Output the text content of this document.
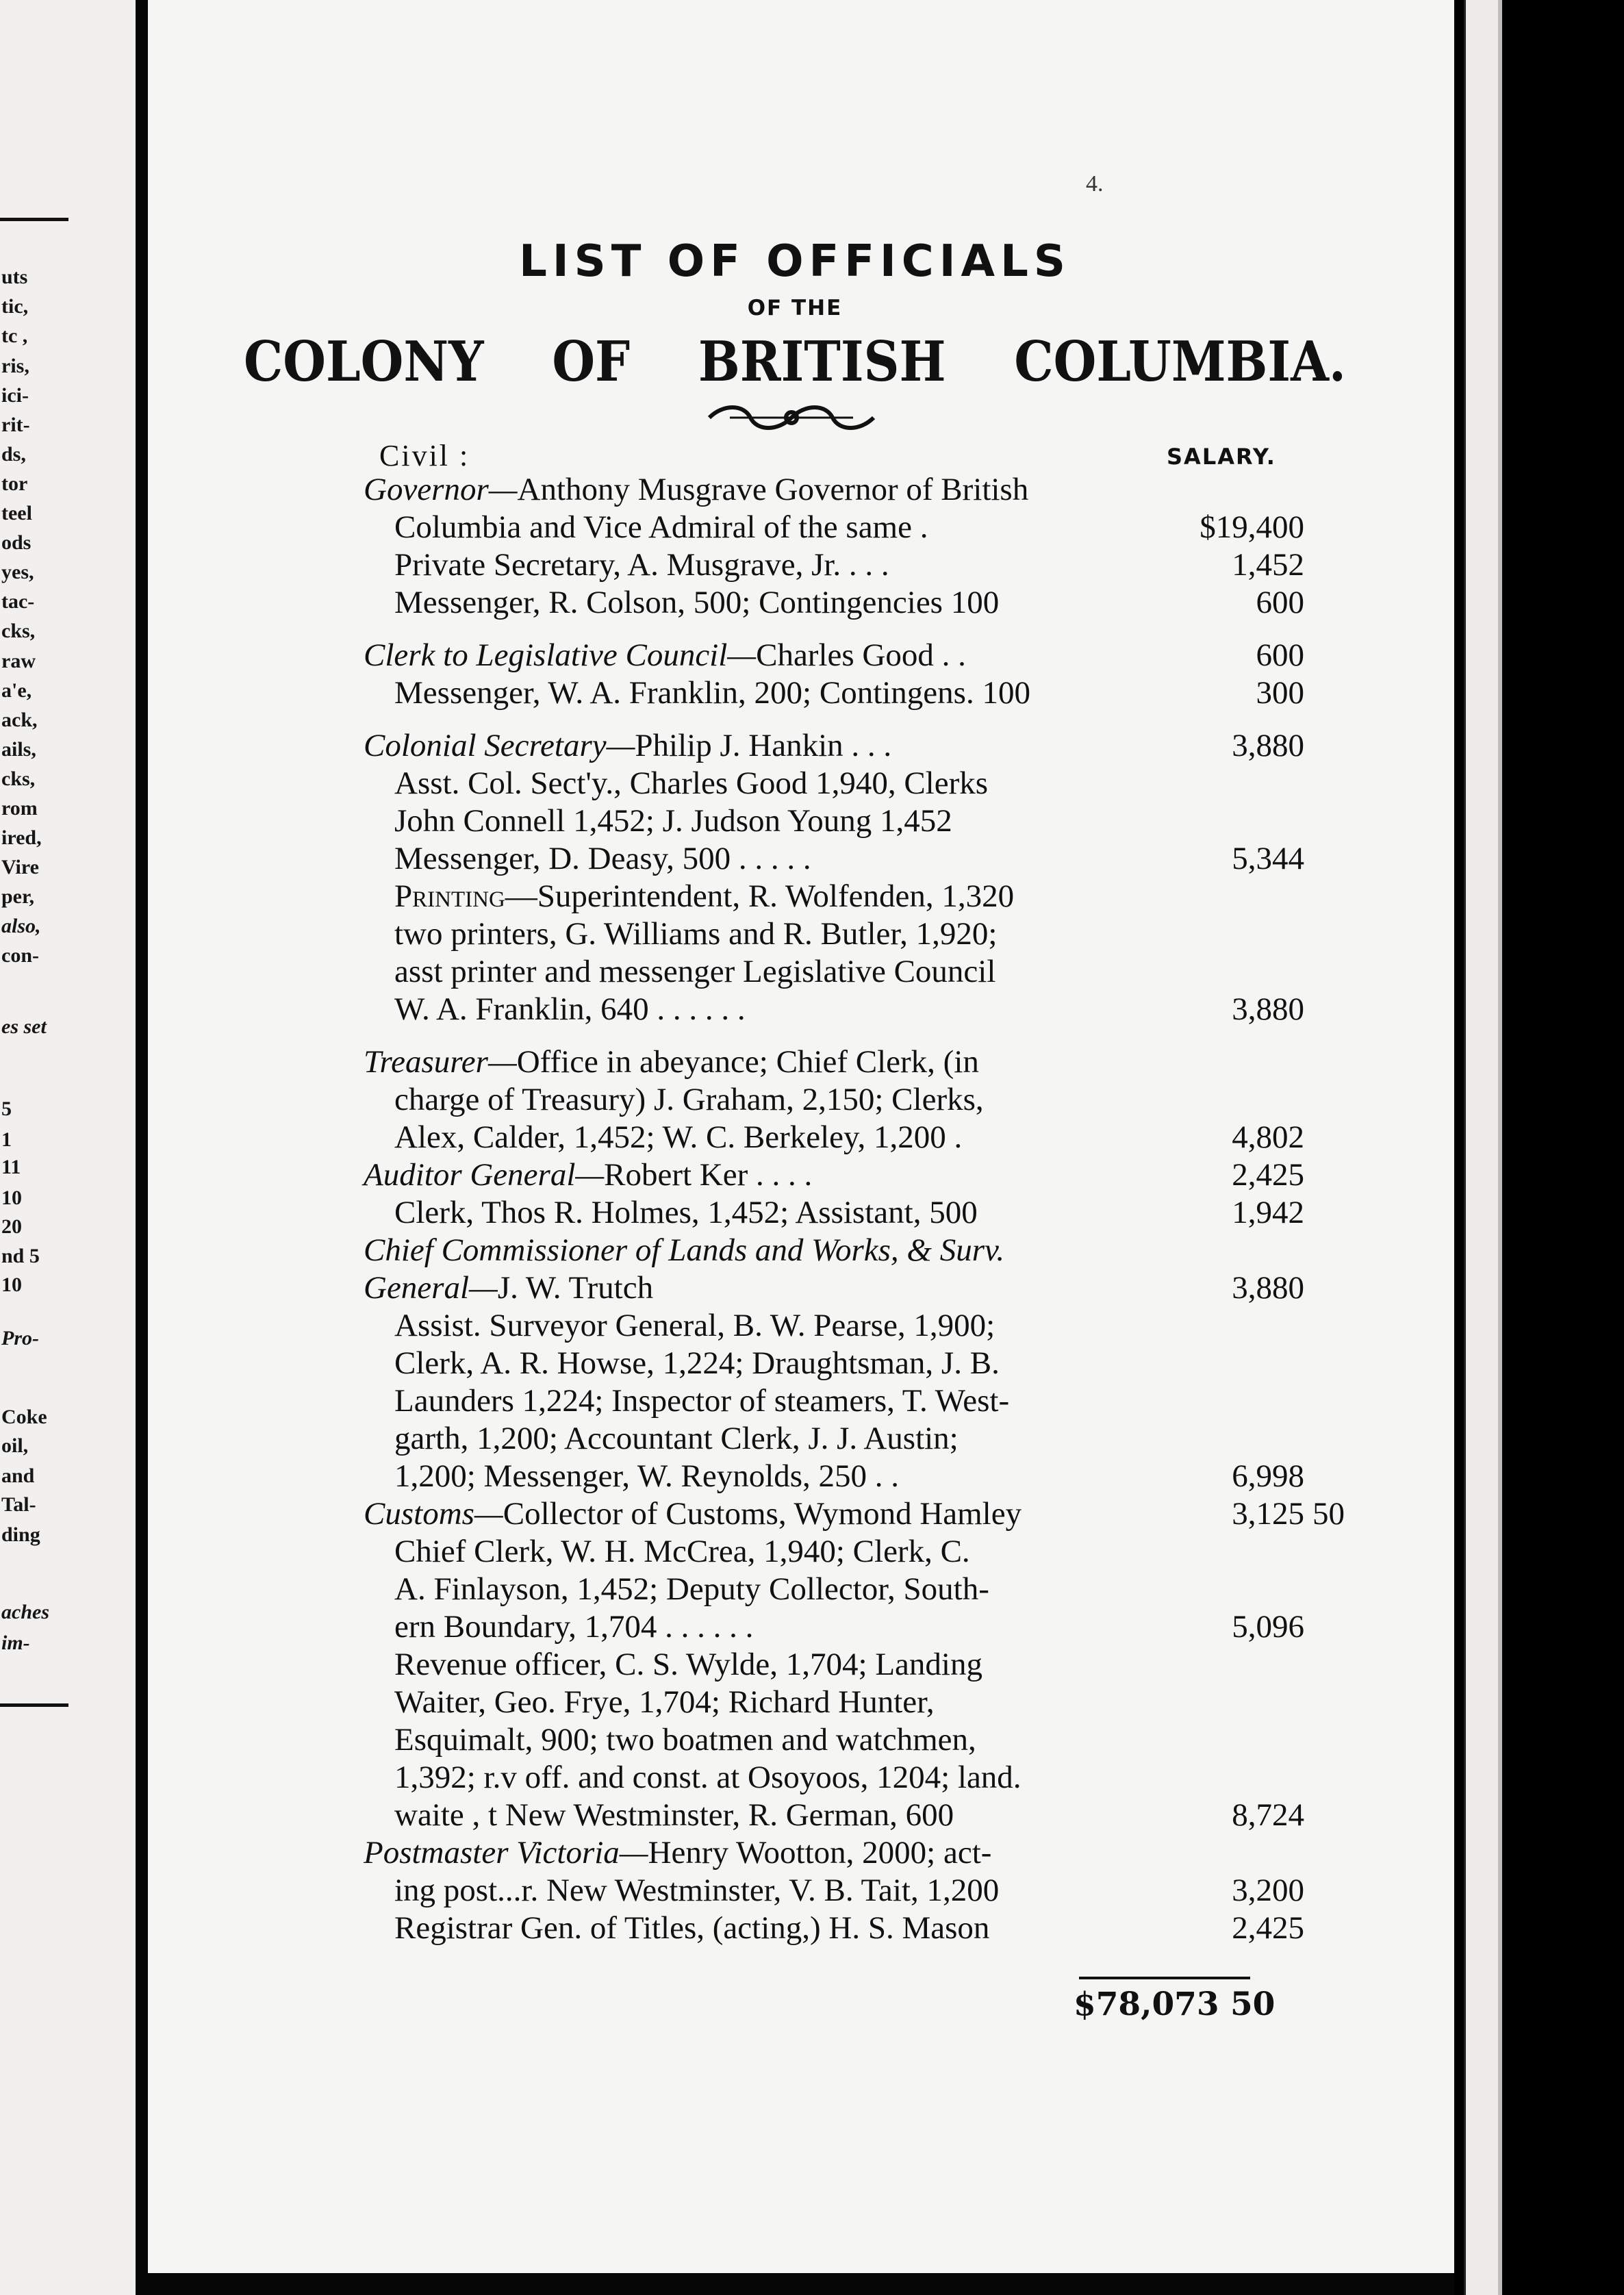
uts
tic,
tc ,
ris,
ici-
rit-
ds,
tor
teel
ods
yes,
tac-
cks,
raw
a'e,
ack,
ails,
cks,
rom
ired,
Vire
per,
also,
con-
es set
5
1
11
10
20
nd 5
10
Pro-
Coke
oil,
and
Tal-
ding
aches
im-
4.
LIST OF OFFICIALS
OF THE
COLONY OF BRITISH COLUMBIA.
Civil :	SALARY.
Governor—Anthony Musgrave Governor of British
Columbia and Vice Admiral of the same .	$19,400
Private Secretary, A. Musgrave, Jr. . . .	1,452
Messenger, R. Colson, 500; Contingencies 100	600
Clerk to Legislative Council—Charles Good . .	600
Messenger, W. A. Franklin, 200; Contingens. 100	300
Colonial Secretary—Philip J. Hankin . . .	3,880
Asst. Col. Sect'y., Charles Good 1,940, Clerks
John Connell 1,452; J. Judson Young 1,452
Messenger, D. Deasy, 500 . . . . .	5,344
Printing—Superintendent, R. Wolfenden, 1,320
two printers, G. Williams and R. Butler, 1,920;
asst printer and messenger Legislative Council
W. A. Franklin, 640 . . . . . .	3,880
Treasurer—Office in abeyance; Chief Clerk, (in
charge of Treasury) J. Graham, 2,150; Clerks,
Alex, Calder, 1,452; W. C. Berkeley, 1,200 .	4,802
Auditor General—Robert Ker . . . .	2,425
Clerk, Thos R. Holmes, 1,452; Assistant, 500	1,942
Chief Commissioner of Lands and Works, & Surv.
General—J. W. Trutch	3,880
Assist. Surveyor General, B. W. Pearse, 1,900;
Clerk, A. R. Howse, 1,224; Draughtsman, J. B.
Launders 1,224; Inspector of steamers, T. West-
garth, 1,200; Accountant Clerk, J. J. Austin;
1,200; Messenger, W. Reynolds, 250 . .	6,998
Customs—Collector of Customs, Wymond Hamley	3,125 50
Chief Clerk, W. H. McCrea, 1,940; Clerk, C.
A. Finlayson, 1,452; Deputy Collector, South-
ern Boundary, 1,704 . . . . . .	5,096
Revenue officer, C. S. Wylde, 1,704; Landing
Waiter, Geo. Frye, 1,704; Richard Hunter,
Esquimalt, 900; two boatmen and watchmen,
1,392; r.v off. and const. at Osoyoos, 1204; land.
waite , t New Westminster, R. German, 600	8,724
Postmaster Victoria—Henry Wootton, 2000; act-
ing post...r. New Westminster, V. B. Tait, 1,200	3,200
Registrar Gen. of Titles, (acting,) H. S. Mason	2,425
$78,073 50
